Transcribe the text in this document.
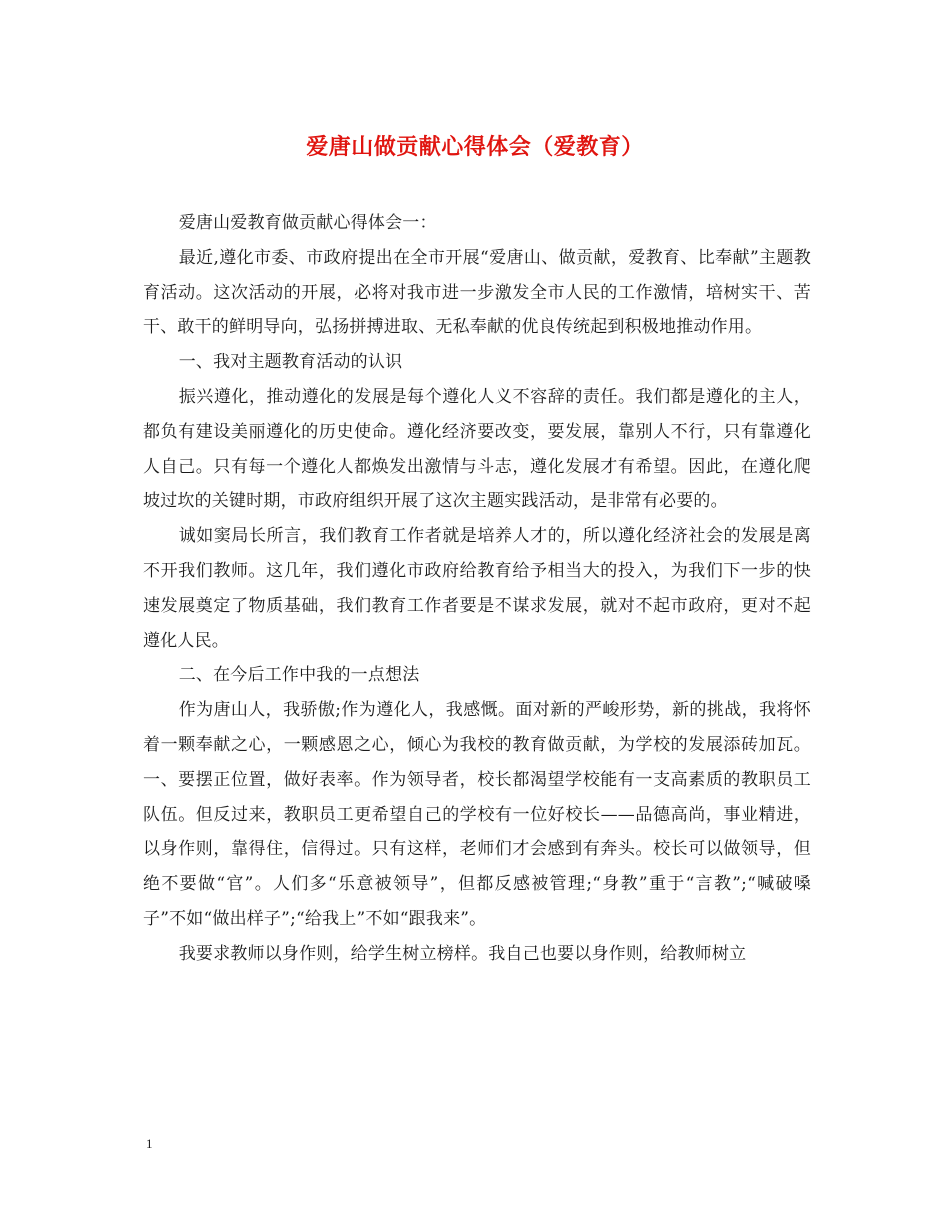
爱唐山做贡献心得体会（爱教育）

爱唐山爱教育做贡献心得体会一：

最近,遵化市委、市政府提出在全市开展“爱唐山、做贡献，爱教育、比奉献”主题教育活动。这次活动的开展，必将对我市进一步激发全市人民的工作激情，培树实干、苦干、敢干的鲜明导向，弘扬拼搏进取、无私奉献的优良传统起到积极地推动作用。

一、我对主题教育活动的认识

振兴遵化，推动遵化的发展是每个遵化人义不容辞的责任。我们都是遵化的主人，都负有建设美丽遵化的历史使命。遵化经济要改变，要发展，靠别人不行，只有靠遵化人自己。只有每一个遵化人都焕发出激情与斗志，遵化发展才有希望。因此，在遵化爬坡过坎的关键时期，市政府组织开展了这次主题实践活动，是非常有必要的。

诚如窦局长所言，我们教育工作者就是培养人才的，所以遵化经济社会的发展是离不开我们教师。这几年，我们遵化市政府给教育给予相当大的投入，为我们下一步的快速发展奠定了物质基础，我们教育工作者要是不谋求发展，就对不起市政府，更对不起遵化人民。

二、在今后工作中我的一点想法

作为唐山人，我骄傲;作为遵化人，我感慨。面对新的严峻形势，新的挑战，我将怀着一颗奉献之心，一颗感恩之心，倾心为我校的教育做贡献，为学校的发展添砖加瓦。 一、要摆正位置，做好表率。作为领导者，校长都渴望学校能有一支高素质的教职员工队伍。但反过来，教职员工更希望自己的学校有一位好校长——品德高尚，事业精进，以身作则，靠得住，信得过。只有这样，老师们才会感到有奔头。校长可以做领导，但绝不要做“官”。人们多“乐意被领导”，但都反感被管理;“身教”重于“言教”;“喊破嗓子”不如“做出样子”;“给我上”不如“跟我来”。

我要求教师以身作则，给学生树立榜样。我自己也要以身作则，给教师树立

1
